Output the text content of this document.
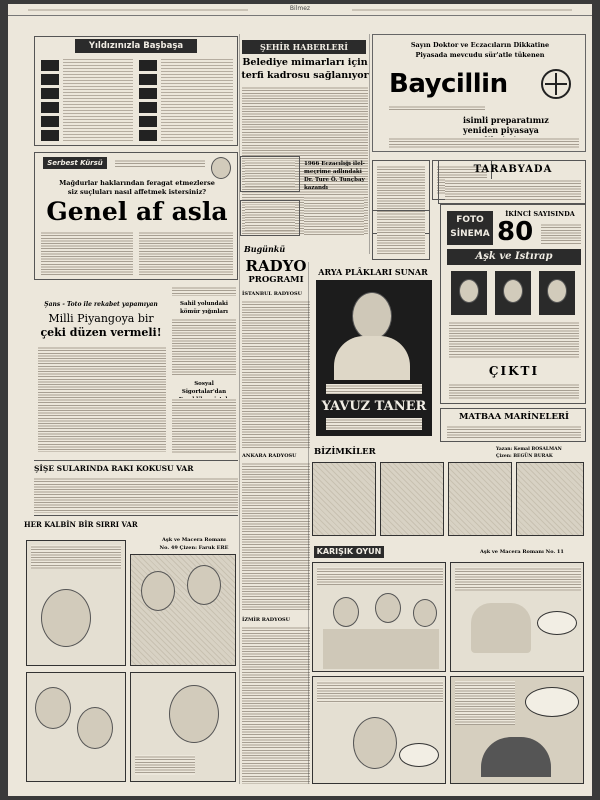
Bilmez
Yıldızınızla Başbaşa
Serbest Kürsü
Mağdurlar haklarından feragat etmezlerse
siz suçluları nasıl affetmek istersiniz?
Genel af asla
Şans - Toto ile rekabet yapamıyan
Milli Piyangoya bir
çeki düzen vermeli!
Sahil yolundaki kömür yığınları
Sosyal Sigortalar'dan
ŞİŞE SULARINDA RAKI KOKUSU VAR
HER KALBİN BİR SIRRI VAR
Aşk ve Macera Romanı
No. 49 Çizen: Faruk ERE
ŞEHİR HABERLERİ
Belediye mimarları için
terfi kadrosu sağlanıyor
Bugünkü
RADYO
PROGRAMI
İSTANBUL RADYOSU
ANKARA RADYOSU
İZMİR RADYOSU
1966 Eczacılığı ilel-
meçrime adlındaki
Dr. Ture Ö. Tunçbay
kazandı
Sayın Doktor ve Eczacıların Dikkatine
Piyasada mevcudu sür'atle tükenen
Baycillin
isimli preparatımız
yeniden piyasaya
TARABYADA
ARYA PLÂKLARI SUNAR
YAVUZ TANER
FOTO
SİNEMA
İKİNCİ SAYISINDA
80
Aşk ve Istırap
ÇIKTI
MATBAA MARİNELERİ
BİZİMKİLER	Yazan: Kemal BOSALMAN
Çizen: BEGÜN BURAK
KARIŞIK OYUN	Aşk ve Macera Romanı No. 11
